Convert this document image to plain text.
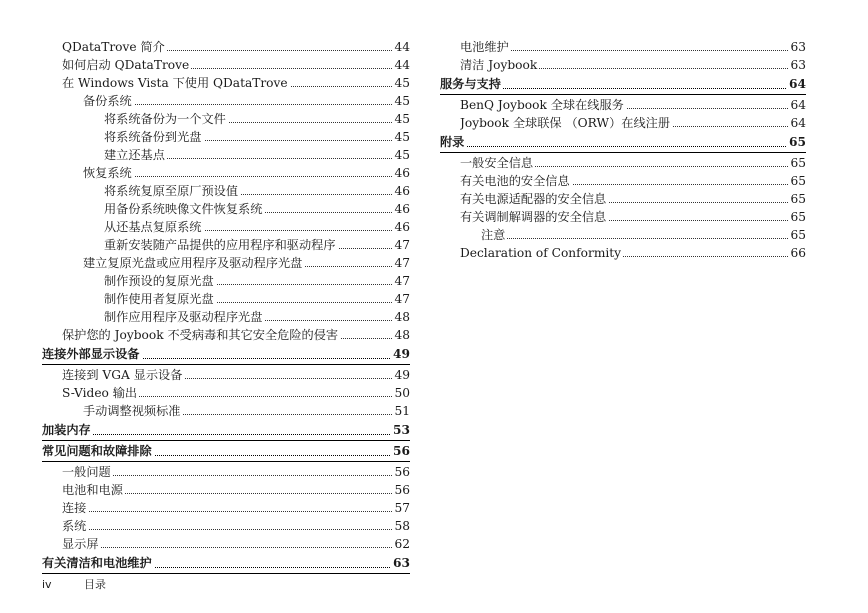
QDataTrove 简介	44
如何启动 QDataTrove	44
在 Windows Vista 下使用 QDataTrove	45
备份系统	45
将系统备份为一个文件	45
将系统备份到光盘	45
建立还基点	45
恢复系统	46
将系统复原至原厂预设值	46
用备份系统映像文件恢复系统	46
从还基点复原系统	46
重新安装随产品提供的应用程序和驱动程序	47
建立复原光盘或应用程序及驱动程序光盘	47
制作预设的复原光盘	47
制作使用者复原光盘	47
制作应用程序及驱动程序光盘	48
保护您的 Joybook 不受病毒和其它安全危险的侵害	48
连接外部显示设备	49
连接到 VGA 显示设备	49
S-Video 输出	50
手动调整视频标准	51
加装内存	53
常见问题和故障排除	56
一般问题	56
电池和电源	56
连接	57
系统	58
显示屏	62
有关清洁和电池维护	63
电池维护	63
清洁 Joybook	63
服务与支持	64
BenQ Joybook 全球在线服务	64
Joybook 全球联保 （ORW）在线注册	64
附录	65
一般安全信息	65
有关电池的安全信息	65
有关电源适配器的安全信息	65
有关调制解调器的安全信息	65
注意	65
Declaration of Conformity	66
iv	目录
